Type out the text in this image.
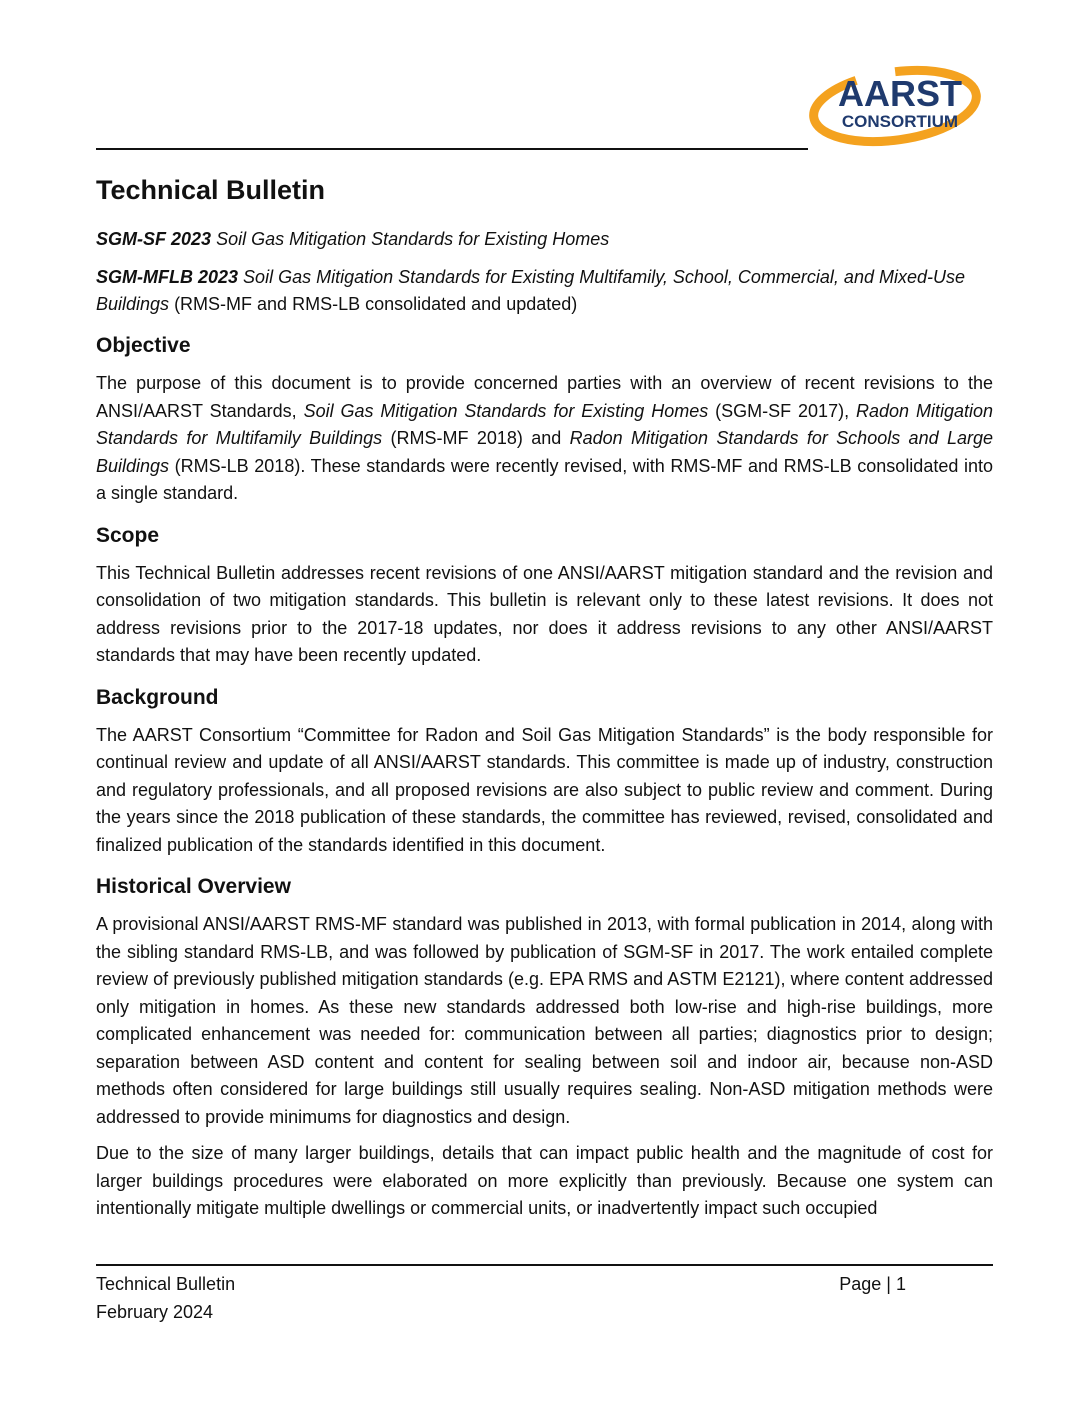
AARST
CONSORTIUM
Technical Bulletin
SGM-SF 2023 Soil Gas Mitigation Standards for Existing Homes
SGM-MFLB 2023 Soil Gas Mitigation Standards for Existing Multifamily, School, Commercial, and Mixed-Use Buildings (RMS-MF and RMS-LB consolidated and updated)
Objective

The purpose of this document is to provide concerned parties with an overview of recent revisions to the ANSI/AARST Standards, Soil Gas Mitigation Standards for Existing Homes (SGM-SF 2017), Radon Mitigation Standards for Multifamily Buildings (RMS-MF 2018) and Radon Mitigation Standards for Schools and Large Buildings (RMS-LB 2018). These standards were recently revised, with RMS-MF and RMS-LB consolidated into a single standard.

Scope

This Technical Bulletin addresses recent revisions of one ANSI/AARST mitigation standard and the revision and consolidation of two mitigation standards. This bulletin is relevant only to these latest revisions. It does not address revisions prior to the 2017-18 updates, nor does it address revisions to any other ANSI/AARST standards that may have been recently updated.

Background

The AARST Consortium “Committee for Radon and Soil Gas Mitigation Standards” is the body responsible for continual review and update of all ANSI/AARST standards. This committee is made up of industry, construction and regulatory professionals, and all proposed revisions are also subject to public review and comment. During the years since the 2018 publication of these standards, the committee has reviewed, revised, consolidated and finalized publication of the standards identified in this document.

Historical Overview

A provisional ANSI/AARST RMS-MF standard was published in 2013, with formal publication in 2014, along with the sibling standard RMS-LB, and was followed by publication of SGM-SF in 2017. The work entailed complete review of previously published mitigation standards (e.g. EPA RMS and ASTM E2121), where content addressed only mitigation in homes. As these new standards addressed both low-rise and high-rise buildings, more complicated enhancement was needed for: communication between all parties; diagnostics prior to design; separation between ASD content and content for sealing between soil and indoor air, because non-ASD methods often considered for large buildings still usually requires sealing. Non-ASD mitigation methods were addressed to provide minimums for diagnostics and design.

Due to the size of many larger buildings, details that can impact public health and the magnitude of cost for larger buildings procedures were elaborated on more explicitly than previously. Because one system can intentionally mitigate multiple dwellings or commercial units, or inadvertently impact such occupied

Technical Bulletin
February 2024
Page | 1
